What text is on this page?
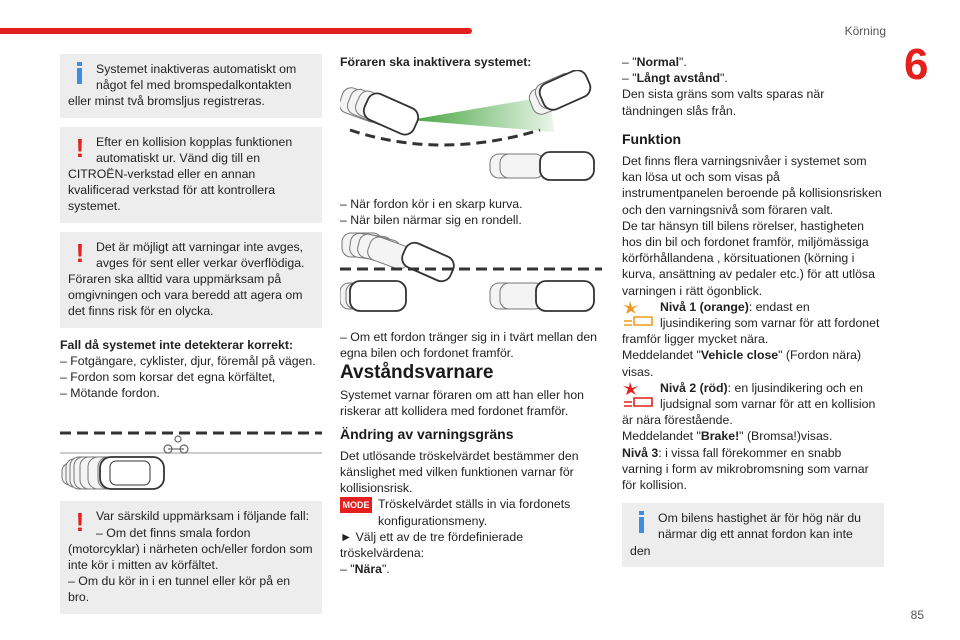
Körning
6
85

Systemet inaktiveras automatiskt om något fel med bromspedalkontakten eller minst två bromsljus registreras.

! Efter en kollision kopplas funktionen automatiskt ur. Vänd dig till en CITROËN-verkstad eller en annan kvalificerad verkstad för att kontrollera systemet.

! Det är möjligt att varningar inte avges, avges för sent eller verkar överflödiga. Föraren ska alltid vara uppmärksam på omgivningen och vara beredd att agera om det finns risk för en olycka.

Fall då systemet inte detekterar korrekt:

– Fotgängare, cyklister, djur, föremål på vägen.

– Fordon som korsar det egna körfältet,

– Mötande fordon.

! Var särskild uppmärksam i följande fall:

– Om det finns smala fordon (motorcyklar) i närheten och/eller fordon som inte kör i mitten av körfältet.

– Om du kör in i en tunnel eller kör på en bro.

Föraren ska inaktivera systemet:

– När fordon kör i en skarp kurva.

– När bilen närmar sig en rondell.

– Om ett fordon tränger sig in i tvärt mellan den egna bilen och fordonet framför.

Avståndsvarnare

Systemet varnar föraren om att han eller hon riskerar att kollidera med fordonet framför.

Ändring av varningsgräns

Det utlösande tröskelvärdet bestämmer den känslighet med vilken funktionen varnar för kollisionsrisk.

MODE Tröskelvärdet ställs in via fordonets konfigurationsmeny.

► Välj ett av de tre fördefinierade tröskelvärdena:

– "Nära".

– "Normal".

– "Långt avstånd".

Den sista gräns som valts sparas när tändningen slås från.

Funktion

Det finns flera varningsnivåer i systemet som kan lösa ut och som visas på instrumentpanelen beroende på kollisionsrisken och den varningsnivå som föraren valt.

De tar hänsyn till bilens rörelser, hastigheten hos din bil och fordonet framför, miljömässiga körförhållandena , körsituationen (körning i kurva, ansättning av pedaler etc.) för att utlösa varningen i rätt ögonblick.

Nivå 1 (orange): endast en ljusindikering som varnar för att fordonet framför ligger mycket nära.

Meddelandet "Vehicle close" (Fordon nära) visas.

Nivå 2 (röd): en ljusindikering och en ljudsignal som varnar för att en kollision är nära förestående.

Meddelandet "Brake!" (Bromsa!)visas.

Nivå 3: i vissa fall förekommer en snabb varning i form av mikrobromsning som varnar för kollision.

Om bilens hastighet är för hög när du närmar dig ett annat fordon kan inte den
